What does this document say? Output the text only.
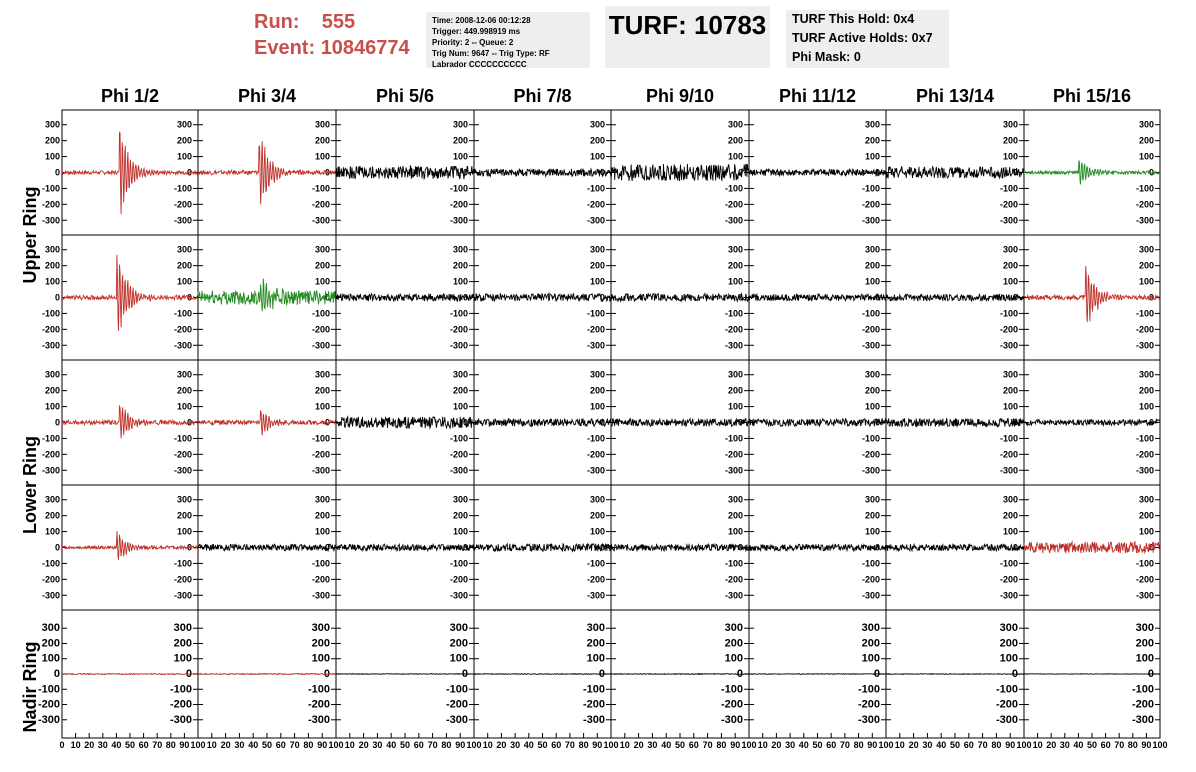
Run: 555
Event: 10846774
Time: 2008-12-06 00:12:28
Trigger: 449.998919 ms
Priority: 2 -- Queue: 2
Trig Num: 9647 -- Trig Type: RF
Labrador CCCCCCCCCC
TURF: 10783	TURF This Hold: 0x4
TURF Active Holds: 0x7
Phi Mask: 0
Phi 1/2	Phi 3/4	Phi 5/6	Phi 7/8	Phi 9/10	Phi 11/12	Phi 13/14	Phi 15/16
Upper Ring
Lower Ring
Nadir Ring
-300	-300
-200	-200
-100	-100
0	0
100	100
200	200
300	300
-300
-200
-100
0
100
200
300
-300
-200
-100
0
100
200
300
-300
-200
-100
0
100
200
300
-300
-200
-100
0
100
200
300
-300
-200
-100
0
100
200
300
-300
-200
-100
0
100
200
300
-300
-200
-100
0
100
200
300
-300	-300
-200	-200
-100	-100
0	0
100	100
200	200
300	300
-300
-200
-100
0
100
200
300
-300
-200
-100
0
100
200
300
-300
-200
-100
0
100
200
300
-300
-200
-100
0
100
200
300
-300
-200
-100
0
100
200
300
-300
-200
-100
0
100
200
300
-300
-200
-100
0
100
200
300
-300	-300
-200	-200
-100	-100
0	0
100	100
200	200
300	300
-300
-200
-100
0
100
200
300
-300
-200
-100
0
100
200
300
-300
-200
-100
0
100
200
300
-300
-200
-100
0
100
200
300
-300
-200
-100
0
100
200
300
-300
-200
-100
0
100
200
300
-300
-200
-100
0
100
200
300
-300	-300
-200	-200
-100	-100
0	0
100	100
200	200
300	300
-300
-200
-100
0
100
200
300
-300
-200
-100
0
100
200
300
-300
-200
-100
0
100
200
300
-300
-200
-100
0
100
200
300
-300
-200
-100
0
100
200
300
-300
-200
-100
0
100
200
300
-300
-200
-100
0
100
200
300
-300	-300
-200	-200
-100	-100
0	0
100	100
200	200
300	300
0 10 20 30 40 50 60 70 80 90 100
-300
-200
-100
0
100
200
300
10 20 30 40 50 60 70 80 90 100
-300
-200
-100
0
100
200
300
10 20 30 40 50 60 70 80 90 100
-300
-200
-100
0
100
200
300
10 20 30 40 50 60 70 80 90 100
-300
-200
-100
0
100
200
300
10 20 30 40 50 60 70 80 90 100
-300
-200
-100
0
100
200
300
10 20 30 40 50 60 70 80 90 100
-300
-200
-100
0
100
200
300
10 20 30 40 50 60 70 80 90 100
-300
-200
-100
0
100
200
300
10 20 30 40 50 60 70 80 90 100
